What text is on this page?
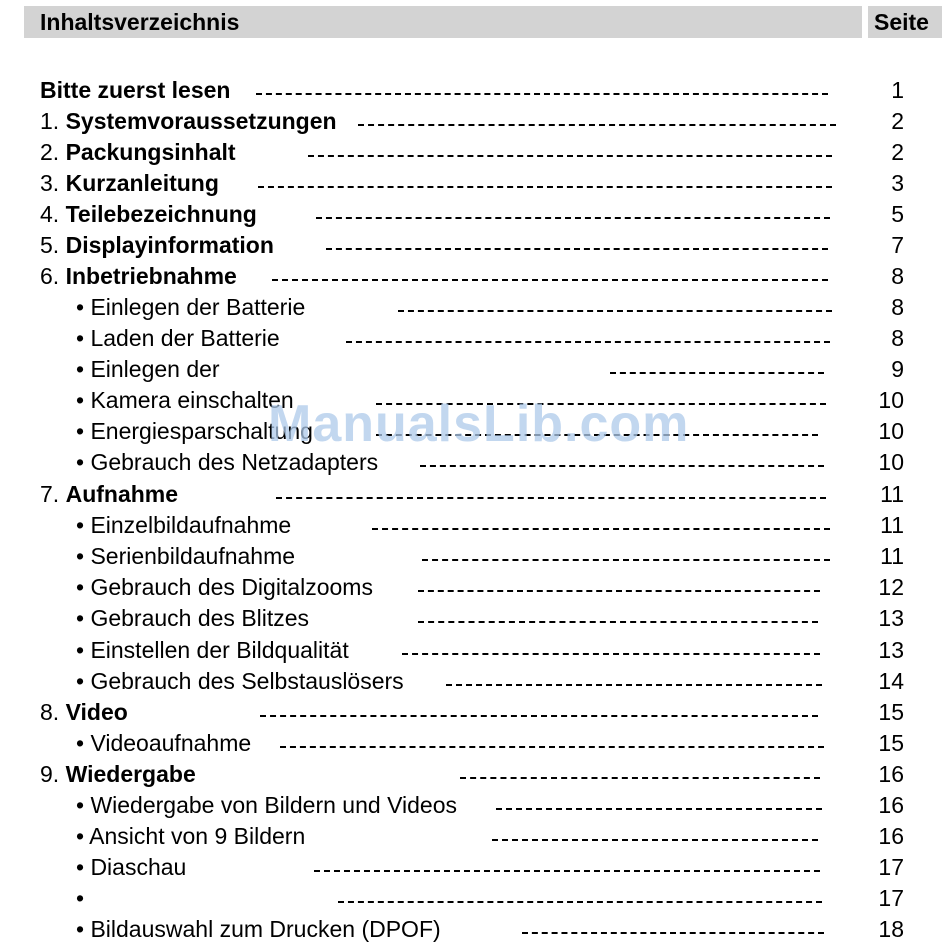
Inhaltsverzeichnis	Seite
Bitte zuerst lesen	1
1. Systemvoraussetzungen	2
2. Packungsinhalt	2
3. Kurzanleitung	3
4. Teilebezeichnung	5
5. Displayinformation	7
6. Inbetriebnahme	8
• Einlegen der Batterie	8
• Laden der Batterie	8
• Einlegen der	9
• Kamera einschalten	10
• Energiesparschaltung	10
• Gebrauch des Netzadapters	10
7. Aufnahme	11
• Einzelbildaufnahme	11
• Serienbildaufnahme	11
• Gebrauch des Digitalzooms	12
• Gebrauch des Blitzes	13
• Einstellen der Bildqualität	13
• Gebrauch des Selbstauslösers	14
8. Video	15
• Videoaufnahme	15
9. Wiedergabe	16
• Wiedergabe von Bildern und Videos	16
• Ansicht von 9 Bildern	16
• Diaschau	17
•	17
• Bildauswahl zum Drucken (DPOF)	18
ManualsLib.com
